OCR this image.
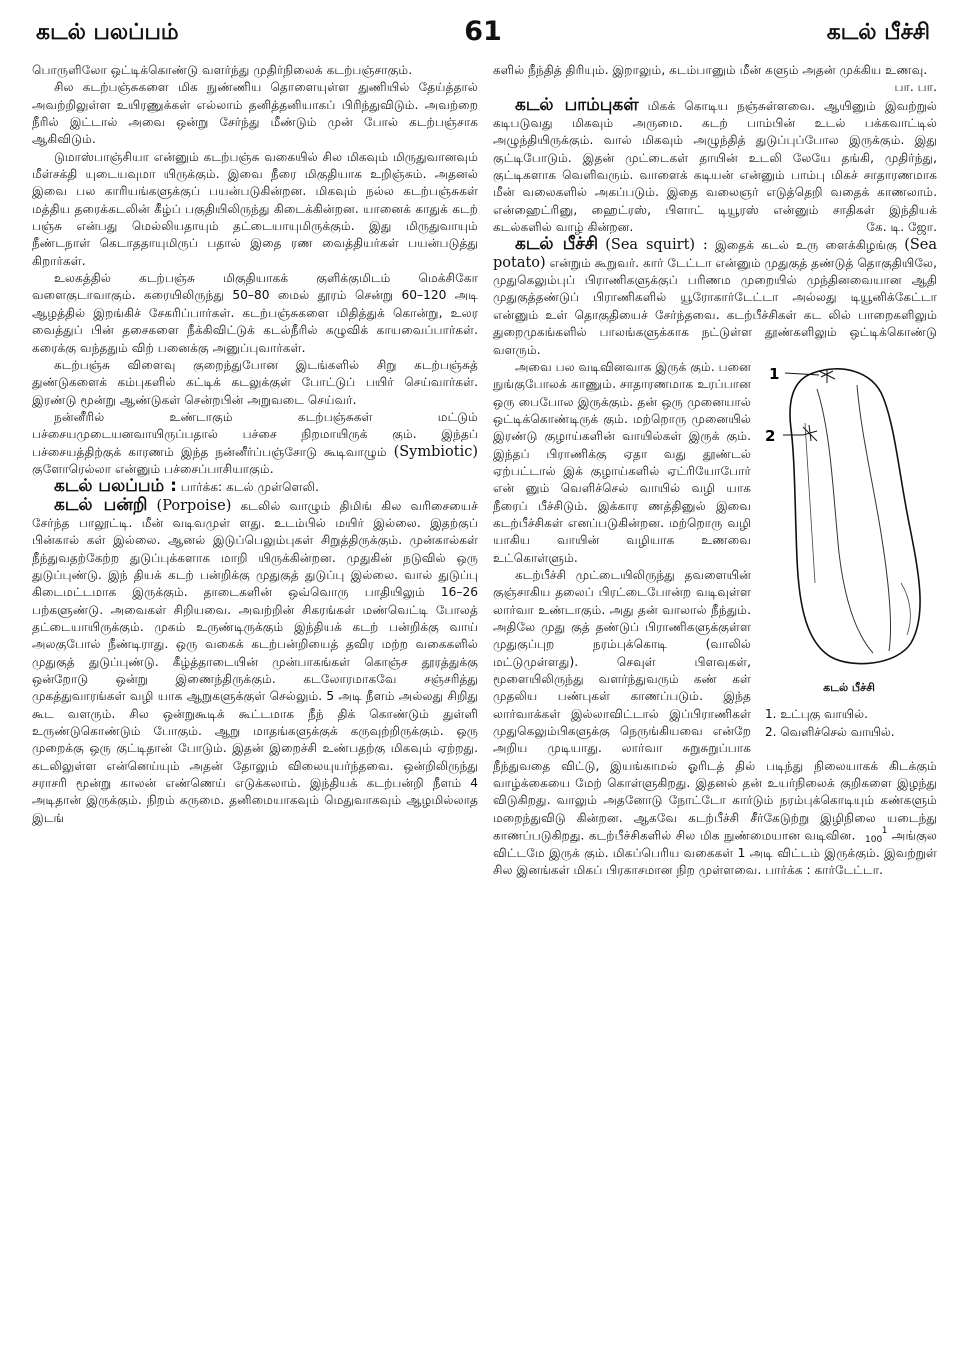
கடல் பலப்பம்	61	கடல் பீச்சி

பொருளிலோ ஒட்டிக்கொண்டு வளர்ந்து முதிர்நிலைக் கடற்பஞ்சாகும்.

சில கடற்பஞ்சுகளை மிக நுண்ணிய தொளையுள்ள துணியில் தேய்த்தால் அவற்றிலுள்ள உயிரணுக்கள் எல்லாம் தனித்தனியாகப் பிரிந்துவிடும். அவற்றை நீரில் இட்டால் அவை ஒன்று சேர்ந்து மீண்டும் முன் போல் கடற்பஞ்சாக ஆகிவிடும்.

டுமாஸ்பாஞ்சியா என்னும் கடற்பஞ்சு வகையில் சில மிகவும் மிருதுவானவும் மீள்சக்தி யுடையவுமா யிருக்கும். இவை நீரை மிகுதியாக உறிஞ்சும். அதனல் இவை பல காரியங்களுக்குப் பயன்படுகின்றன. மிகவும் நல்ல கடற்பஞ்சுகள் மத்திய தரைக்கடலின் கீழ்ப் பகுதியிலிருந்து கிடைக்கின்றன. யானைக் காதுக் கடற் பஞ்சு என்பது மெல்லியதாயும் தட்டையாயுமிருக்கும். இது மிருதுவாயும் நீண்டநாள் கெடாததாயுமிருப் பதால் இதை ரண வைத்தியர்கள் பயன்படுத்து கிறார்கள்.

உலகத்தில் கடற்பஞ்சு மிகுதியாகக் குளிக்குமிடம் மெக்சிகோ வளைகுடாவாகும். கரையிலிருந்து 50–80 மைல் தூரம் சென்று 60–120 அடி ஆழத்தில் இறங்கிச் சேகரிப்பார்கள். கடற்பஞ்சுகளை மிதித்துக் கொன்று, உலர வைத்துப் பின் தசைகளை நீக்கிவிட்டுக் கடல்நீரில் கழுவிக் காயவைப்பார்கள். கரைக்கு வந்ததும் விற் பனைக்கு அனுப்புவார்கள்.

கடற்பஞ்சு விளைவு குறைந்துபோன இடங்களில் சிறு கடற்பஞ்சுத் துண்டுகளைக் கம்புகளில் கட்டிக் கடலுக்குள் போட்டுப் பயிர் செய்வார்கள். இரண்டு மூன்று ஆண்டுகள் சென்றபின் அறுவடை செய்வர்.

நன்னீரில் உண்டாகும் கடற்பஞ்சுகள் மட்டும் பச்சையமுடையனவாயிருப்பதால் பச்சை நிறமாயிருக் கும். இந்தப் பச்சையத்திற்குக் காரணம் இந்த நன்னீர்ப்பஞ்சோடு கூடிவாழும் (Symbiotic) குளோரெல்லா என்னும் பச்சைப்பாசியாகும்.

கடல் பலப்பம் : பார்க்க: கடல் முள்ளெலி.

கடல் பன்றி (Porpoise) கடலில் வாழும் திமிங் கில வரிசையைச் சேர்ந்த பாலூட்டி. மீன் வடிவமுள் ளது. உடம்பில் மயிர் இல்லை. இதற்குப் பின்கால் கள் இல்லை. ஆனல் இடுப்பெலும்புகள் சிறுத்திருக்கும். முன்கால்கள் நீந்துவதற்கேற்ற துடுப்புக்களாக மாறி யிருக்கின்றன. முதுகின் நடுவில் ஒரு துடுப்புண்டு. இந் தியக் கடற் பன்றிக்கு முதுகுத் துடுப்பு இல்லை. வால் துடுப்பு கிடைமட்டமாக இருக்கும். தாடைகளின் ஒவ்வொரு பாதியிலும் 16–26 பற்களுண்டு. அவைகள் சிறியவை. அவற்றின் சிகரங்கள் மண்வெட்டி போலத் தட்டையாயிருக்கும். முகம் உருண்டிருக்கும் இந்தியக் கடற் பன்றிக்கு வாய் அலகுபோல் நீண்டிராது. ஒரு வகைக் கடற்பன்றியைத் தவிர மற்ற வகைகளில் முதுகுத் துடுப்புண்டு. கீழ்த்தாடையின் முன்பாகங்கள் கொஞ்ச தூரத்துக்கு ஒன்றோடு ஒன்று இணைந்திருக்கும். கடலோரமாகவே சஞ்சரித்து முகத்துவாரங்கள் வழி யாக ஆறுகளுக்குள் செல்லும். 5 அடி நீளம் அல்லது சிறிது கூட வளரும். சில ஒன்றுகூடிக் கூட்டமாக நீந் திக் கொண்டும் துள்ளி உருண்டுகொண்டும் போகும். ஆறு மாதங்களுக்குக் கருவுற்றிருக்கும். ஒரு முறைக்கு ஒரு குட்டிதான் போடும். இதன் இறைச்சி உண்பதற்கு மிகவும் ஏற்றது. கடலிலுள்ள என்னெய்யும் அதன் தோலும் விலையுயர்ந்தவை. ஒன்றிலிருந்து சராசரி மூன்று காலன் எண்ணெய் எடுக்கலாம். இந்தியக் கடற்பன்றி நீளம் 4 அடிதான் இருக்கும். நிறம் கருமை. தனிமையாகவும் மெதுவாகவும் ஆழமில்லாத இடங்

களில் நீந்தித் திரியும். இறாலும், கடம்பானும் மீன் களும் அதன் முக்கிய உணவு.
பா. பா.

கடல் பாம்புகள் மிகக் கொடிய நஞ்சுள்ளவை. ஆயினும் இவற்றுல் கடிபடுவது மிகவும் அருமை. கடற் பாம்பின் உடல் பக்கவாட்டில் அழுந்தியிருக்கும். வால் மிகவும் அழுந்தித் துடுப்புப்போல இருக்கும். இது குட்டிபோடும். இதன் முட்டைகள் தாயின் உடலி லேயே தங்கி, முதிர்ந்து, குட்டிகளாக வெளிவரும். வாளைக் கடியன் என்னும் பாம்பு மிகச் சாதாரணமாக மீன் வலைகளில் அகப்படும். இதை வலைஞர் எடுத்தெறி வதைக் காணலாம். என்ஹைட்ரினு, ஹைட்ரஸ், பிளாட் டியூரஸ் என்னும் சாதிகள் இந்தியக் கடல்களில் வாழ் கின்றன.	கே. டி. ஜோ.

கடல் பீச்சி (Sea squirt) : இதைக் கடல் உரு ளைக்கிழங்கு (Sea potato) என்றும் கூறுவர். கார் டேட்டா என்னும் முதுகுத் தண்டுத் தொகுதியிலே, முதுகெலும்புப் பிராணிகளுக்குப் பரிணம முறையில் முந்தினவையான ஆதி முதுகுத்தண்டுப் பிராணிகளில் யூரோகார்டேட்டா அல்லது டியூனிக்கேட்டா என்னும் உள் தொகுதியைச் சேர்ந்தவை. கடற்பீச்சிகள் கட லில் பாறைகளிலும் துறைமுகங்களில் பாலங்களுக்காக நட்டுள்ள தூண்களிலும் ஒட்டிக்கொண்டு வளரும்.

1
2
கடல் பீச்சி
1. உட்புகு வாயில்.
2. வெளிச்செல் வாயில்.

அவை பல வடிவினவாக இருக் கும். பனை நுங்குபோலக் காணும். சாதாரணமாக உரப்பான ஒரு பைபோல இருக்கும். தன் ஒரு முனையால் ஒட்டிக்கொண்டிருக் கும். மற்றொரு முனையில் இரண்டு குழாய்களின் வாயில்கள் இருக் கும். இந்தப் பிராணிக்கு ஏதா வது தூண்டல் ஏற்பட்டால் இக் குழாய்களில் ஏட்ரியோபோர் என் னும் வெளிச்செல் வாயில் வழி யாக நீரைப் பீச்சிடும். இக்கார ணத்தினுல் இவை கடற்பீச்சிகள் எனப்படுகின்றன. மற்றொரு வழி யாகிய வாயின் வழியாக உணவை உட்கொள்ளும்.

கடற்பீச்சி முட்டையிலிருந்து தவளையின் குஞ்சாகிய தலைப் பிரட்டைபோன்ற வடிவுள்ள லார்வா உண்டாகும். அது தன் வாலால் நீந்தும். அதிலே முது குத் தண்டுப் பிராணிகளுக்குள்ள முதுகுப்புற நரம்புக்கொடி (வாலில் மட்டுமுள்ளது). செவுள் பிளவுகள், மூளையிலிருந்து வளர்ந்துவரும் கண் கள் முதலிய பண்புகள் காணப்படும். இந்த லார்வாக்கள் இல்லாவிட்டால் இப்பிராணிகள் முதுகெலும்பிகளுக்கு நெருங்கியவை என்றே அறிய முடியாது. லார்வா சுறுசுறுப்பாக நீந்துவதை விட்டு, இயங்காமல் ஓரிடத் தில் படிந்து நிலையாகக் கிடக்கும் வாழ்க்கையை மேற் கொள்ளுகிறது. இதனல் தன் உயர்நிலைக் குறிகளை இழந்து விடுகிறது. வாலும் அதனோடு நோட்டோ கார்டும் நரம்புக்கொடியும் கண்களும் மறைந்துவிடு கின்றன. ஆகவே கடற்பீச்சி சீர்கேடுற்று இழிநிலை யடைந்து காணப்படுகிறது. கடற்பீச்சிகளில் சில மிக நுண்மையான வடிவின.	1
100 அங்குல விட்டமே இருக் கும். மிகப்பெரிய வகைகள் 1 அடி விட்டம் இருக்கும். இவற்றுள் சில இனங்கள் மிகப் பிரகாசமான நிற முள்ளவை. பார்க்க : கார்டேட்டா.
